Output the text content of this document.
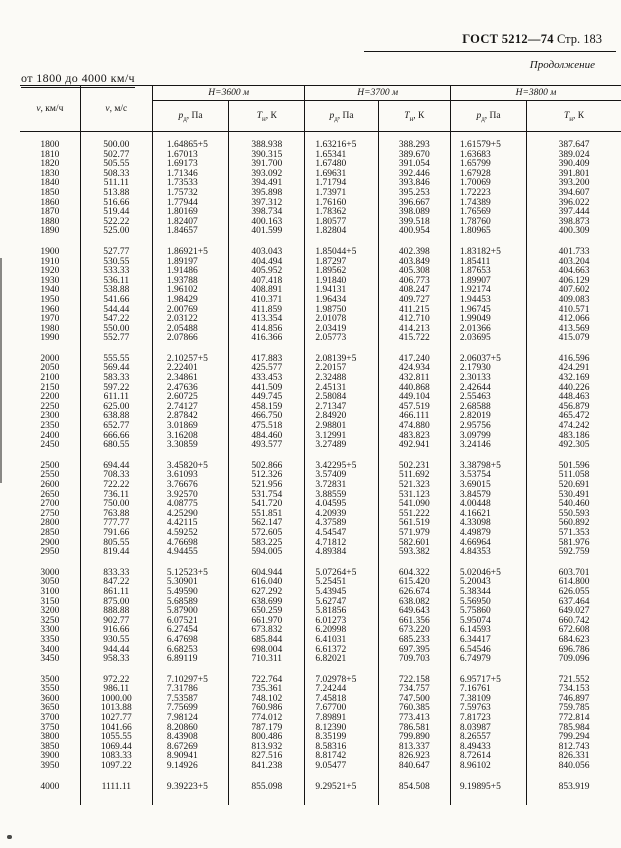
ГОСТ 5212—74 Стр. 183
Продолжение
от 1800 до 4000 км/ч
v, км/ч	v, м/с	Н=3600 м		Н=3700 м		Н=3800 м	
		$p_д$, Па	$Т_н$, К	$p_д$, Па	$Т_н$, К	$p_д$, Па	$Т_н$, К
1800	500.00	1.64865+5	388.938	1.63216+5	388.293	1.61579+5	387.647
1810	502.77	1.67013	390.315	1.65341	389.670	1.63683	389.024
1820	505.55	1.69173	391.700	1.67480	391.054	1.65799	390.409
1830	508.33	1.71346	393.092	1.69631	392.446	1.67928	391.801
1840	511.11	1.73533	394.491	1.71794	393.846	1.70069	393.200
1850	513.88	1.75732	395.898	1.73971	395.253	1.72223	394.607
1860	516.66	1.77944	397.312	1.76160	396.667	1.74389	396.022
1870	519.44	1.80169	398.734	1.78362	398.089	1.76569	397.444
1880	522.22	1.82407	400.163	1.80577	399.518	1.78760	398.873
1890	525.00	1.84657	401.599	1.82804	400.954	1.80965	400.309
1900	527.77	1.86921+5	403.043	1.85044+5	402.398	1.83182+5	401.733
1910	530.55	1.89197	404.494	1.87297	403.849	1.85411	403.204
1920	533.33	1.91486	405.952	1.89562	405.308	1.87653	404.663
1930	536.11	1.93788	407.418	1.91840	406.773	1.89907	406.129
1940	538.88	1.96102	408.891	1.94131	408.247	1.92174	407.602
1950	541.66	1.98429	410.371	1.96434	409.727	1.94453	409.083
1960	544.44	2.00769	411.859	1.98750	411.215	1.96745	410.571
1970	547.22	2.03122	413.354	2.01078	412.710	1.99049	412.066
1980	550.00	2.05488	414.856	2.03419	414.213	2.01366	413.569
1990	552.77	2.07866	416.366	2.05773	415.722	2.03695	415.079
2000	555.55	2.10257+5	417.883	2.08139+5	417.240	2.06037+5	416.596
2050	569.44	2.22401	425.577	2.20157	424.934	2.17930	424.291
2100	583.33	2.34861	433.453	2.32488	432.811	2.30133	432.169
2150	597.22	2.47636	441.509	2.45131	440.868	2.42644	440.226
2200	611.11	2.60725	449.745	2.58084	449.104	2.55463	448.463
2250	625.00	2.74127	458.159	2.71347	457.519	2.68588	456.879
2300	638.88	2.87842	466.750	2.84920	466.111	2.82019	465.472
2350	652.77	3.01869	475.518	2.98801	474.880	2.95756	474.242
2400	666.66	3.16208	484.460	3.12991	483.823	3.09799	483.186
2450	680.55	3.30859	493.577	3.27489	492.941	3.24146	492.305
2500	694.44	3.45820+5	502.866	3.42295+5	502.231	3.38798+5	501.596
2550	708.33	3.61093	512.326	3.57409	511.692	3.53754	511.058
2600	722.22	3.76676	521.956	3.72831	521.323	3.69015	520.691
2650	736.11	3.92570	531.754	3.88559	531.123	3.84579	530.491
2700	750.00	4.08775	541.720	4.04595	541.090	4.00448	540.460
2750	763.88	4.25290	551.851	4.20939	551.222	4.16621	550.593
2800	777.77	4.42115	562.147	4.37589	561.519	4.33098	560.892
2850	791.66	4.59252	572.605	4.54547	571.979	4.49879	571.353
2900	805.55	4.76698	583.225	4.71812	582.601	4.66964	581.976
2950	819.44	4.94455	594.005	4.89384	593.382	4.84353	592.759
3000	833.33	5.12523+5	604.944	5.07264+5	604.322	5.02046+5	603.701
3050	847.22	5.30901	616.040	5.25451	615.420	5.20043	614.800
3100	861.11	5.49590	627.292	5.43945	626.674	5.38344	626.055
3150	875.00	5.68589	638.699	5.62747	638.082	5.56950	637.464
3200	888.88	5.87900	650.259	5.81856	649.643	5.75860	649.027
3250	902.77	6.07521	661.970	6.01273	661.356	5.95074	660.742
3300	916.66	6.27454	673.832	6.20998	673.220	6.14593	672.608
3350	930.55	6.47698	685.844	6.41031	685.233	6.34417	684.623
3400	944.44	6.68253	698.004	6.61372	697.395	6.54546	696.786
3450	958.33	6.89119	710.311	6.82021	709.703	6.74979	709.096
3500	972.22	7.10297+5	722.764	7.02978+5	722.158	6.95717+5	721.552
3550	986.11	7.31786	735.361	7.24244	734.757	7.16761	734.153
3600	1000.00	7.53587	748.102	7.45818	747.500	7.38109	746.897
3650	1013.88	7.75699	760.986	7.67700	760.385	7.59763	759.785
3700	1027.77	7.98124	774.012	7.89891	773.413	7.81723	772.814
3750	1041.66	8.20860	787.179	8.12390	786.581	8.03987	785.984
3800	1055.55	8.43908	800.486	8.35199	799.890	8.26557	799.294
3850	1069.44	8.67269	813.932	8.58316	813.337	8.49433	812.743
3900	1083.33	8.90941	827.516	8.81742	826.923	8.72614	826.331
3950	1097.22	9.14926	841.238	9.05477	840.647	8.96102	840.056
4000	1111.11	9.39223+5	855.098	9.29521+5	854.508	9.19895+5	853.919
